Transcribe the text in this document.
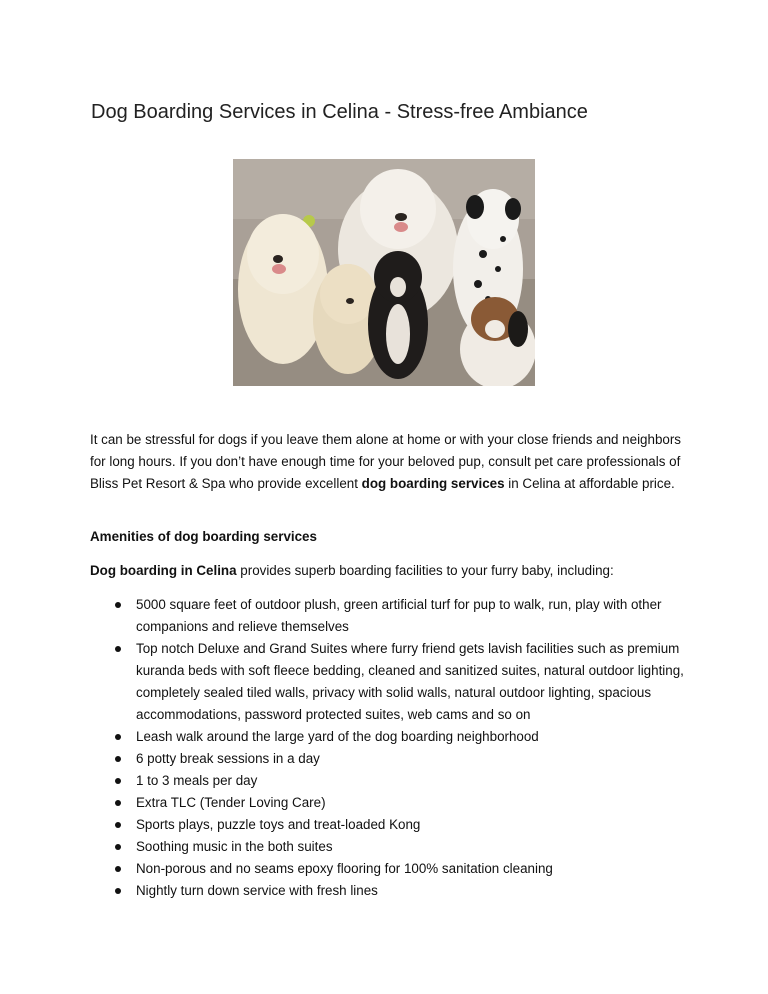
Dog Boarding Services in Celina - Stress-free Ambiance

It can be stressful for dogs if you leave them alone at home or with your close friends and neighbors for long hours. If you don’t have enough time for your beloved pup, consult pet care professionals of Bliss Pet Resort & Spa who provide excellent dog boarding services in Celina at affordable price.

Amenities of dog boarding services

Dog boarding in Celina provides superb boarding facilities to your furry baby, including:

5000 square feet of outdoor plush, green artificial turf for pup to walk, run, play with other companions and relieve themselves
Top notch Deluxe and Grand Suites where furry friend gets lavish facilities such as premium kuranda beds with soft fleece bedding, cleaned and sanitized suites, natural outdoor lighting, completely sealed tiled walls, privacy with solid walls, natural outdoor lighting, spacious accommodations, password protected suites, web cams and so on
Leash walk around the large yard of the dog boarding neighborhood
6 potty break sessions in a day
1 to 3 meals per day
Extra TLC (Tender Loving Care)
Sports plays, puzzle toys and treat-loaded Kong
Soothing music in the both suites
Non-porous and no seams epoxy flooring for 100% sanitation cleaning
Nightly turn down service with fresh lines
